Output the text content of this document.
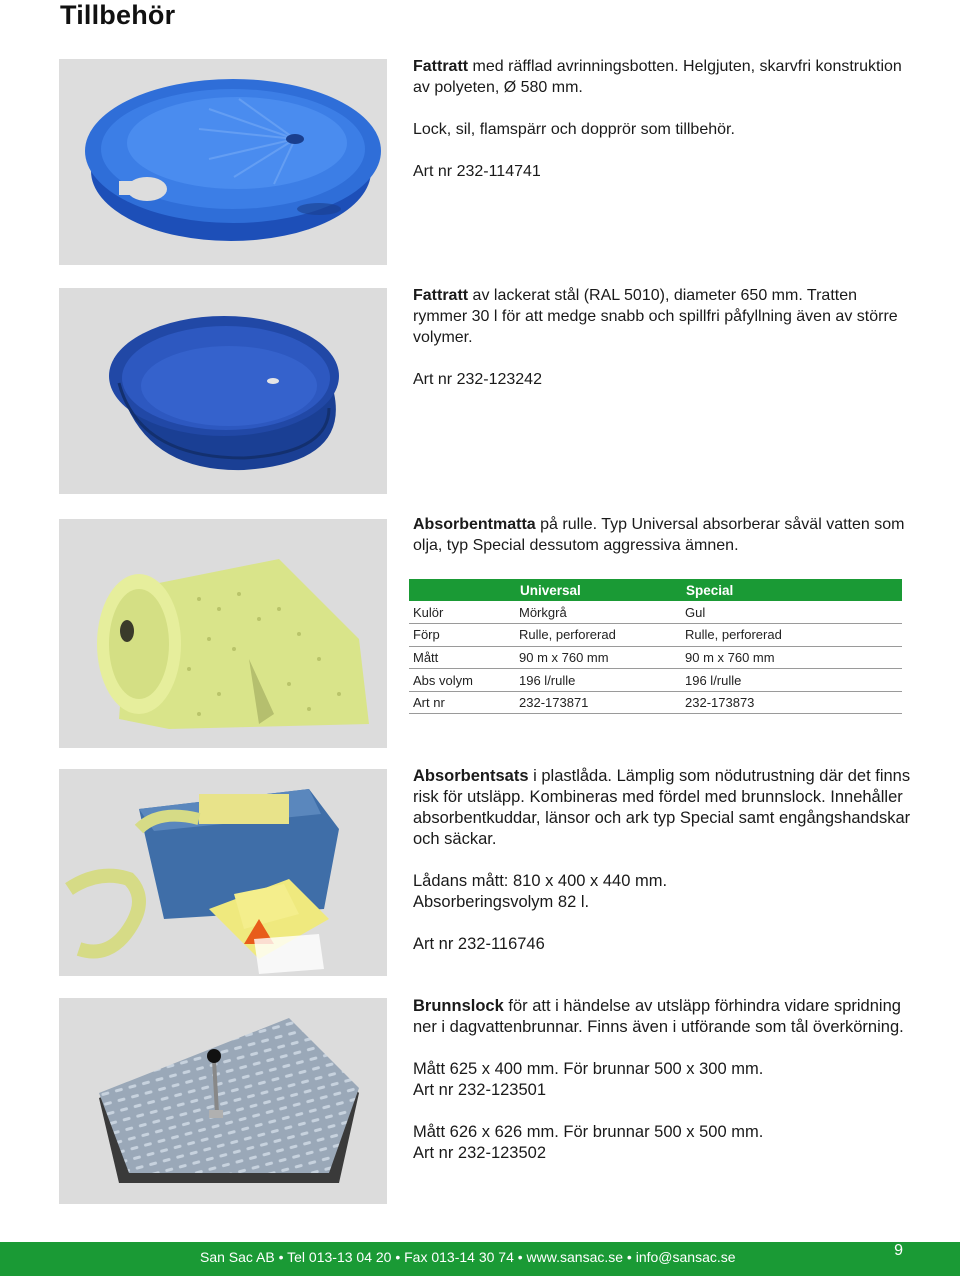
Tillbehör

Fattratt med räfflad avrinningsbotten. Helgjuten, skarvfri konstruktion av polyeten, Ø 580 mm.

Lock, sil, flamspärr och dopprör som tillbehör.

Art nr 232-114741

Fattratt av lackerat stål (RAL 5010), diameter 650 mm. Tratten rymmer 30 l för att medge snabb och spillfri påfyllning även av större volymer.

Art nr 232-123242

Absorbentmatta på rulle. Typ Universal absorberar såväl vatten som olja, typ Special dessutom aggressiva ämnen.

	Universal	Special
Kulör	Mörkgrå	Gul
Förp	Rulle, perforerad	Rulle, perforerad
Mått	90 m x 760 mm	90 m x 760 mm
Abs volym	196 l/rulle	196 l/rulle
Art nr	232-173871	232-173873

Absorbentsats i plastlåda. Lämplig som nödutrustning där det finns risk för utsläpp. Kombineras med fördel med brunnslock. Innehåller absorbentkuddar, länsor och ark typ Special samt engångshandskar och säckar.

Lådans mått: 810 x 400 x 440 mm.

Absorberingsvolym 82 l.

Art nr 232-116746

Brunnslock för att i händelse av utsläpp förhindra vidare spridning ner i dagvattenbrunnar. Finns även i utförande som tål överkörning.

Mått 625 x 400 mm. För brunnar 500 x 300 mm.

Art nr 232-123501

Mått 626 x 626 mm. För brunnar 500 x 500 mm.

Art nr 232-123502

San Sac AB • Tel 013-13 04 20 • Fax 013-14 30 74 • www.sansac.se • info@sansac.se	9
